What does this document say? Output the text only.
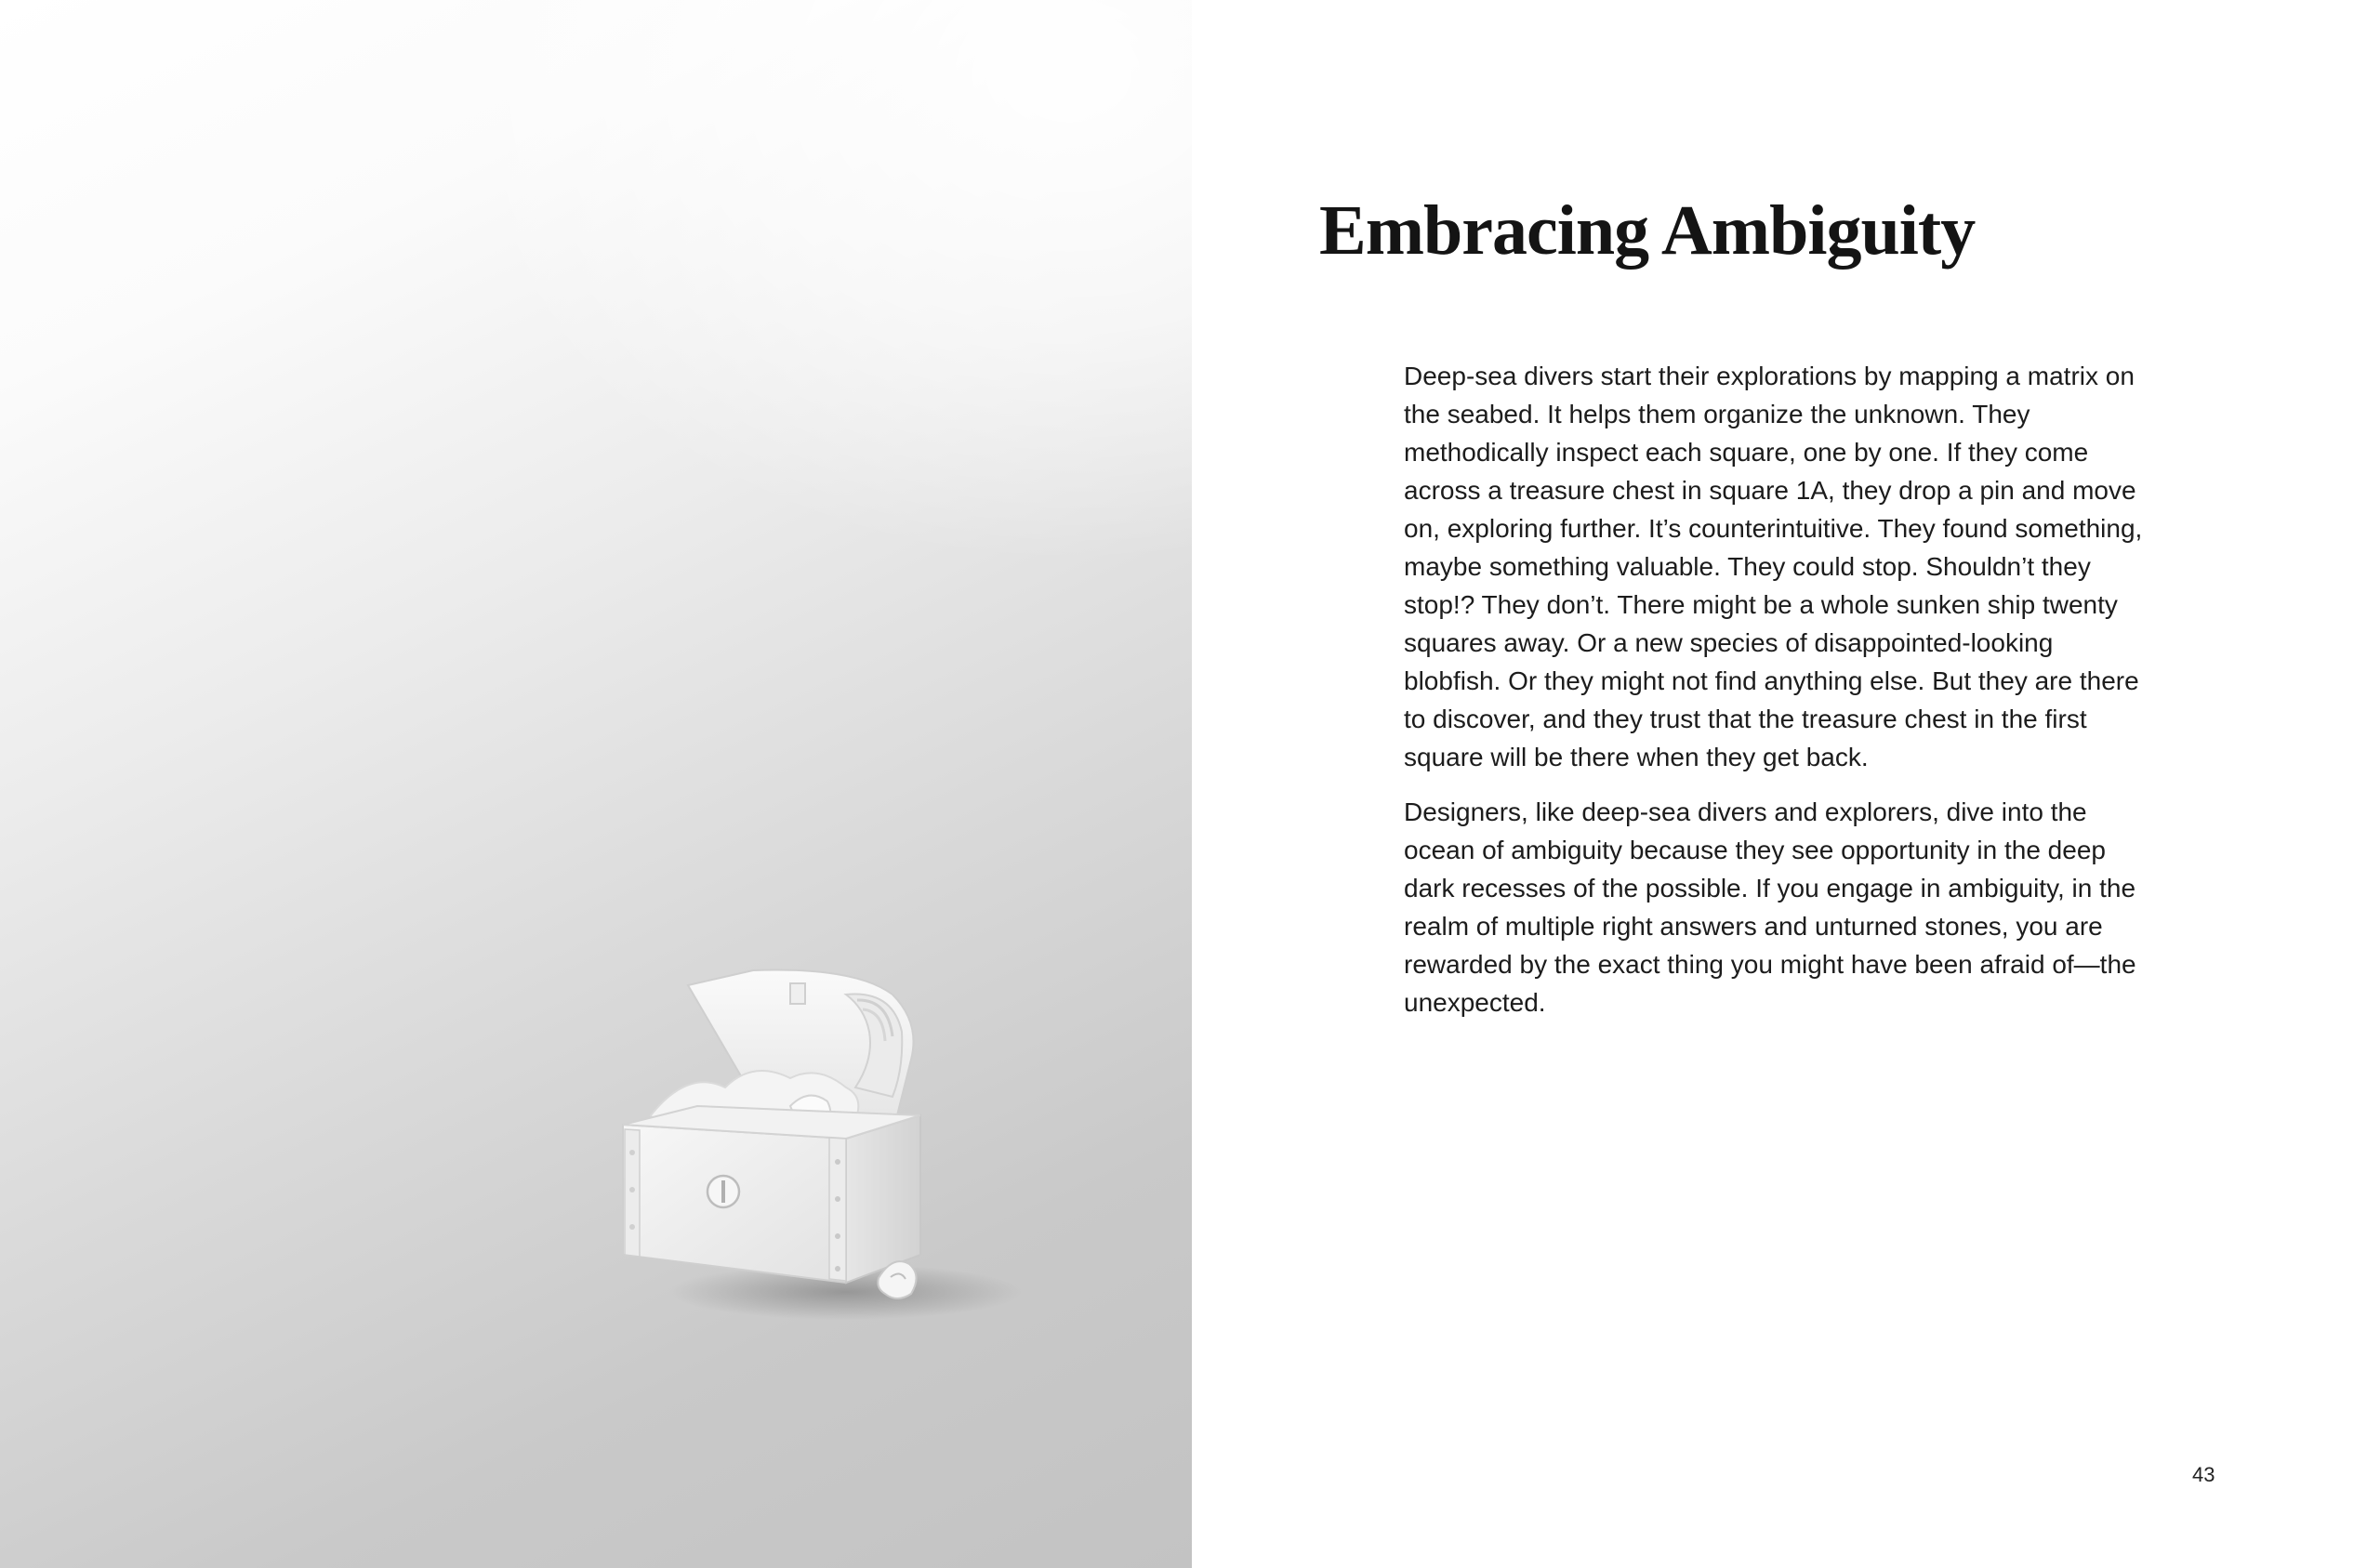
Embracing Ambiguity

Deep-sea divers start their explorations by mapping a matrix on the seabed. It helps them organize the unknown. They methodically inspect each square, one by one. If they come across a treasure chest in square 1A, they drop a pin and move on, exploring further. It’s counterintuitive. They found something, maybe something valuable. They could stop. Shouldn’t they stop!? They don’t. There might be a whole sunken ship twenty squares away. Or a new species of disappointed-looking blobfish. Or they might not find anything else. But they are there to discover, and they trust that the treasure chest in the first square will be there when they get back.

Designers, like deep-sea divers and explorers, dive into the ocean of ambiguity because they see opportunity in the deep dark recesses of the possible. If you engage in ambiguity, in the realm of multiple right answers and unturned stones, you are rewarded by the exact thing you might have been afraid of—the unexpected.

43
